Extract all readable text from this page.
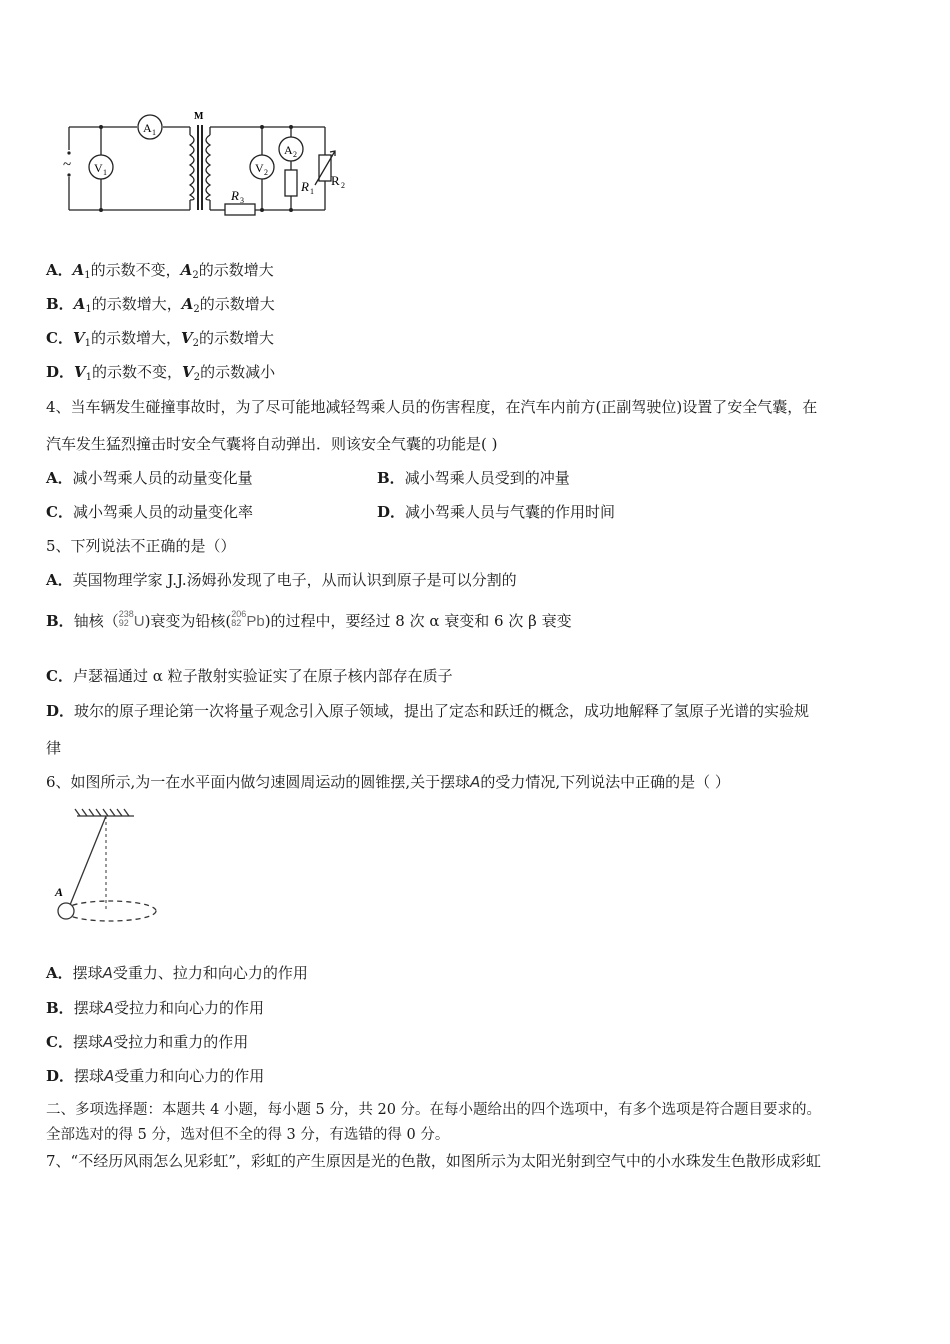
~
M
A 1
V 1	V 2
A 2
R 1
R 2
R 3
A．$A_1$的示数不变，$A_2$的示数增大
B．$A_1$的示数增大，$A_2$的示数增大
C．$V_1$的示数增大，$V_2$的示数增大
D．$V_1$的示数不变，$V_2$的示数减小
4、当车辆发生碰撞事故时，为了尽可能地减轻驾乘人员的伤害程度，在汽车内前方(正副驾驶位)设置了安全气囊，在
汽车发生猛烈撞击时安全气囊将自动弹出．则该安全气囊的功能是( )
A．减小驾乘人员的动量变化量	B．减小驾乘人员受到的冲量
C．减小驾乘人员的动量变化率	D．减小驾乘人员与气囊的作用时间
5、下列说法不正确的是（）
A．英国物理学家 J.J.汤姆孙发现了电子，从而认识到原子是可以分割的
B．铀核（238
92 U)衰变为铅核(206
82 Pb)的过程中，要经过 8 次 α 衰变和 6 次 β 衰变
C．卢瑟福通过 α 粒子散射实验证实了在原子核内部存在质子
D．玻尔的原子理论第一次将量子观念引入原子领域，提出了定态和跃迁的概念，成功地解释了氢原子光谱的实验规
律
6、如图所示,为一在水平面内做匀速圆周运动的圆锥摆,关于摆球A的受力情况,下列说法中正确的是（ ）
A
A．摆球A受重力、拉力和向心力的作用
B．摆球A受拉力和向心力的作用
C．摆球A受拉力和重力的作用
D．摆球A受重力和向心力的作用
二、多项选择题：本题共 4 小题，每小题 5 分，共 20 分。在每小题给出的四个选项中，有多个选项是符合题目要求的。
全部选对的得 5 分，选对但不全的得 3 分，有选错的得 0 分。
7、“不经历风雨怎么见彩虹”，彩虹的产生原因是光的色散，如图所示为太阳光射到空气中的小水珠发生色散形成彩虹
